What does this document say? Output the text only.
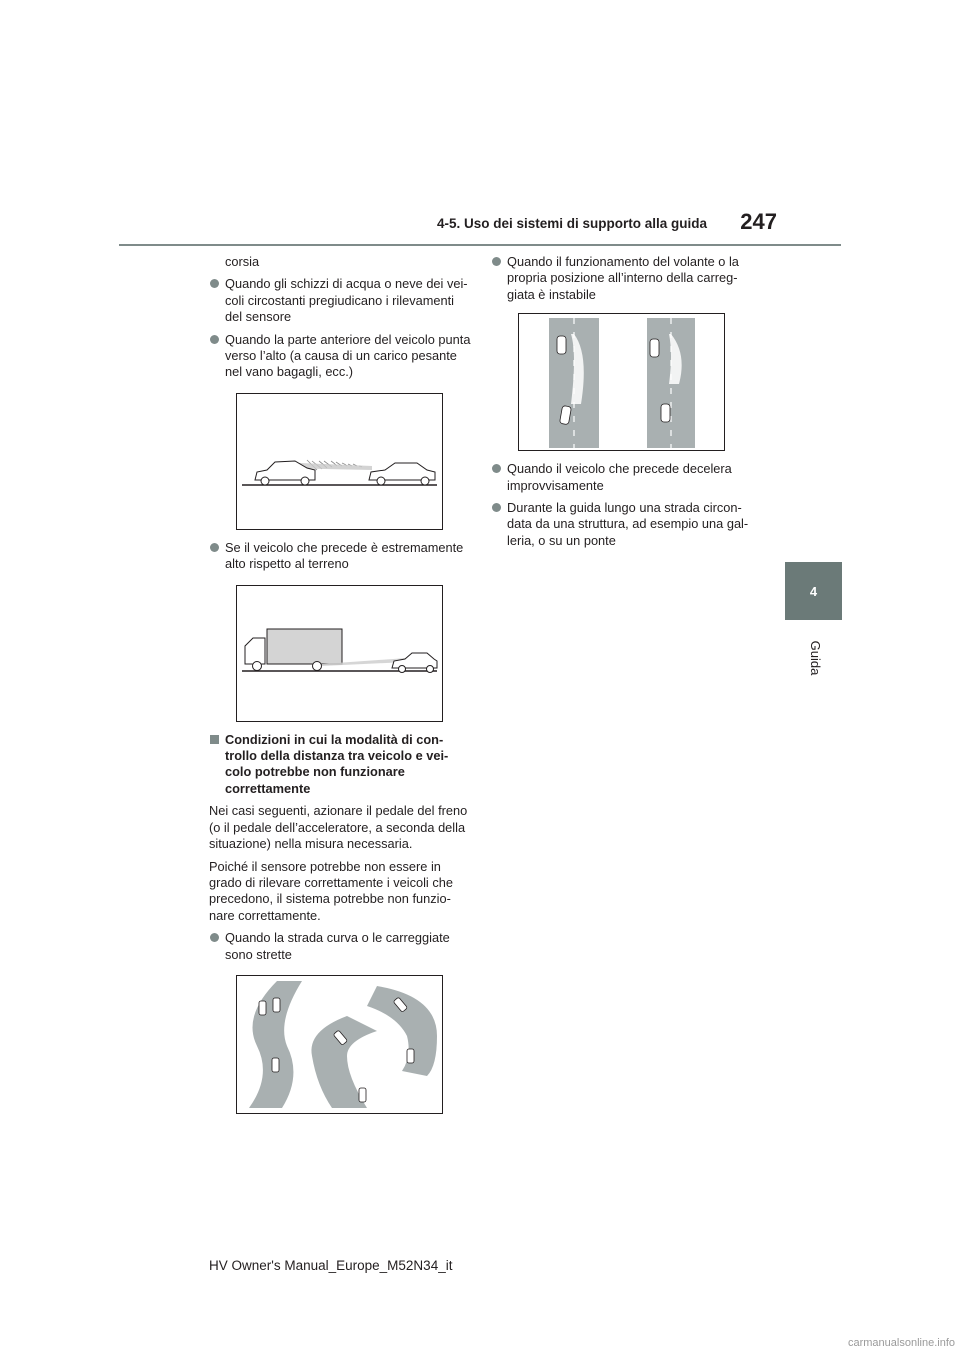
4-5. Uso dei sistemi di supporto alla guida	247
4
Guida

corsia

Quando gli schizzi di acqua o neve dei vei-coli circostanti pregiudicano i rilevamenti del sensore
Quando la parte anteriore del veicolo punta verso l’alto (a causa di un carico pesante nel vano bagagli, ecc.)
Se il veicolo che precede è estremamente alto rispetto al terreno
Condizioni in cui la modalità di con-trollo della distanza tra veicolo e vei-colo potrebbe non funzionare correttamente

Nei casi seguenti, azionare il pedale del freno (o il pedale dell’acceleratore, a seconda della situazione) nella misura necessaria.

Poiché il sensore potrebbe non essere in grado di rilevare correttamente i veicoli che precedono, il sistema potrebbe non funzio-nare correttamente.

Quando la strada curva o le carreggiate sono strette
Quando il funzionamento del volante o la propria posizione all’interno della carreg-giata è instabile
Quando il veicolo che precede decelera improvvisamente
Durante la guida lungo una strada circon-data da una struttura, ad esempio una gal-leria, o su un ponte
HV Owner's Manual_Europe_M52N34_it
carmanualsonline.info
